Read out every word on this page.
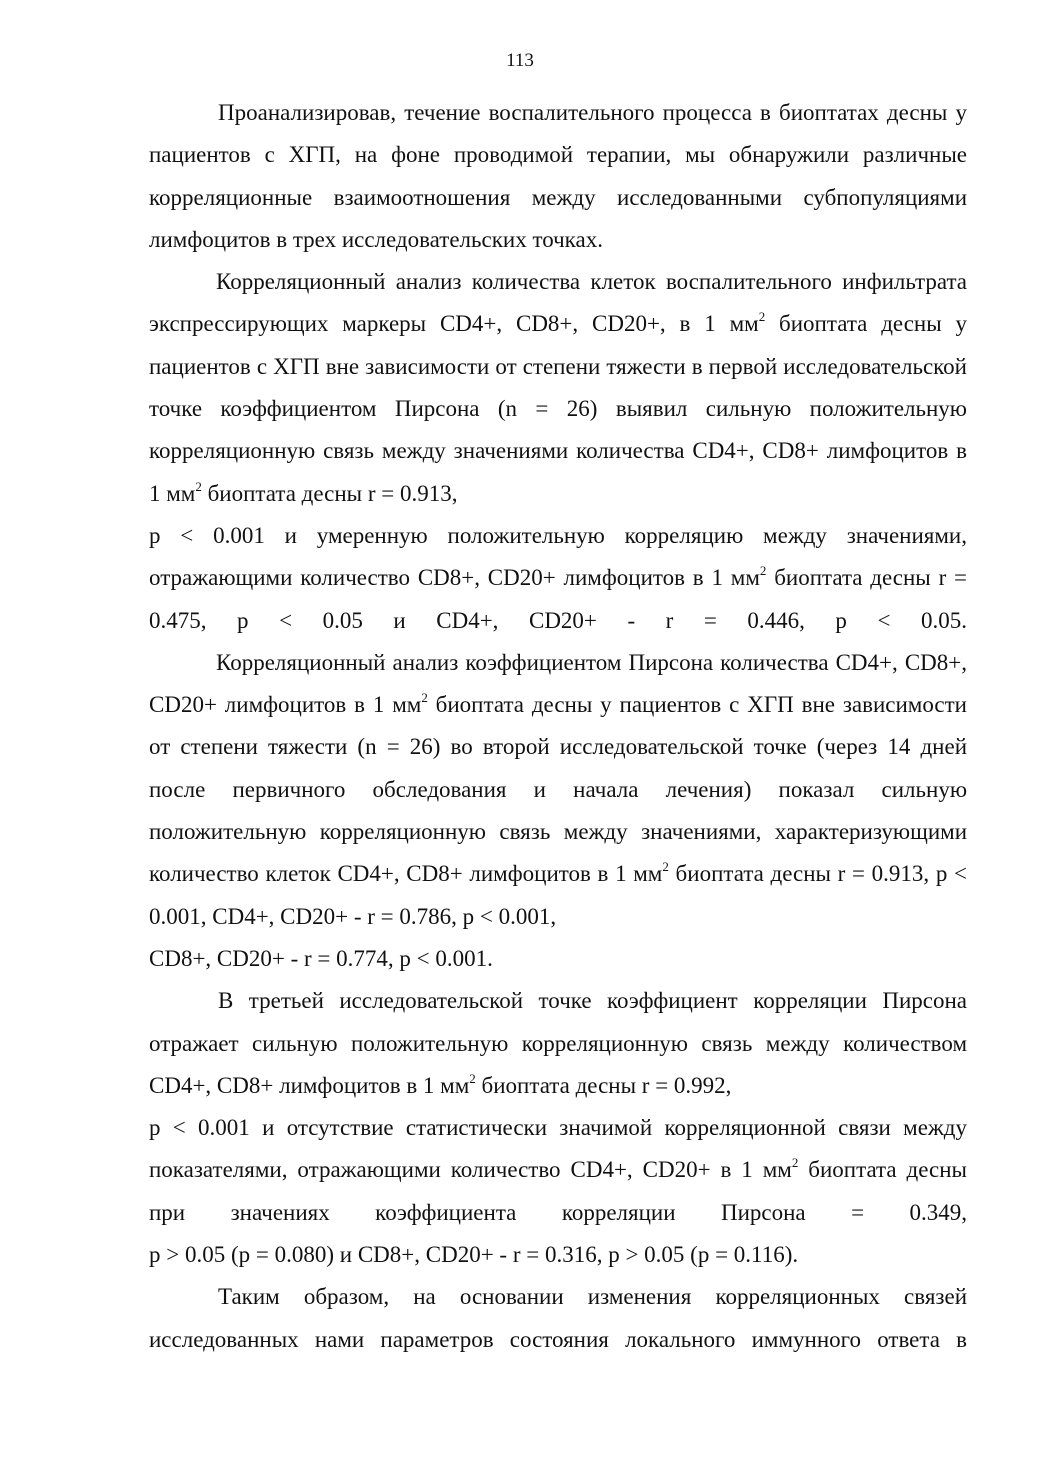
113

Проанализировав, течение воспалительного процесса в биоптатах десны у пациентов с ХГП, на фоне проводимой терапии, мы обнаружили различные корреляционные взаимоотношения между исследованными субпопуляциями лимфоцитов в трех исследовательских точках.

Корреляционный анализ количества клеток воспалительного инфильтрата экспрессирующих маркеры CD4+, CD8+, CD20+, в 1 $мм^2$ биоптата десны у пациентов с ХГП вне зависимости от степени тяжести в первой исследовательской точке коэффициентом Пирсона (n = 26) выявил сильную положительную корреляционную связь между значениями количества CD4+, CD8+ лимфоцитов в 1 $мм^2$ биоптата десны r = 0.913,

p < 0.001 и умеренную положительную корреляцию между значениями, отражающими количество CD8+, CD20+ лимфоцитов в 1 $мм^2$ биоптата десны r = 0.475, p < 0.05 и CD4+, CD20+ - r = 0.446, p < 0.05.

Корреляционный анализ коэффициентом Пирсона количества CD4+, CD8+, CD20+ лимфоцитов в 1 $мм^2$ биоптата десны у пациентов с ХГП вне зависимости от степени тяжести (n = 26) во второй исследовательской точке (через 14 дней после первичного обследования и начала лечения) показал сильную положительную корреляционную связь между значениями, характеризующими количество клеток CD4+, CD8+ лимфоцитов в 1 $мм^2$ биоптата десны r = 0.913, p < 0.001, CD4+, CD20+ - r = 0.786, p < 0.001,

CD8+, CD20+ - r = 0.774, p < 0.001.

В третьей исследовательской точке коэффициент корреляции Пирсона отражает сильную положительную корреляционную связь между количеством CD4+, CD8+ лимфоцитов в 1 $мм^2$ биоптата десны r = 0.992,

p < 0.001 и отсутствие статистически значимой корреляционной связи между показателями, отражающими количество CD4+, CD20+ в 1 $мм^2$ биоптата десны при значениях коэффициента корреляции Пирсона = 0.349,

p > 0.05 (p = 0.080) и CD8+, CD20+ - r = 0.316, p > 0.05 (p = 0.116).

Таким образом, на основании изменения корреляционных связей исследованных нами параметров состояния локального иммунного ответа в
